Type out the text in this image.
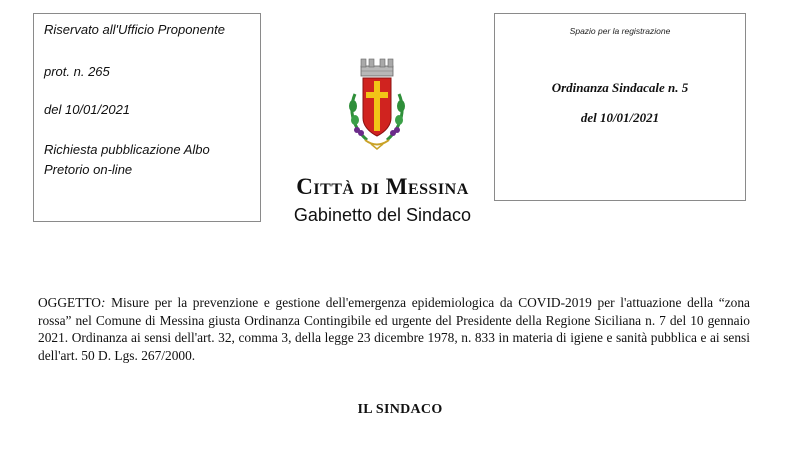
Riservato all'Ufficio Proponente
prot. n. 265
del 10/01/2021
Richiesta pubblicazione Albo
Pretorio on-line
Città di Messina
Gabinetto del Sindaco
Spazio per la registrazione
Ordinanza Sindacale n. 5
del 10/01/2021
OGGETTO: Misure per la prevenzione e gestione dell'emergenza epidemiologica da COVID-2019 per l'attuazione della “zona rossa” nel Comune di Messina giusta Ordinanza Contingibile ed urgente del Presidente della Regione Siciliana n. 7 del 10 gennaio 2021. Ordinanza ai sensi dell'art. 32, comma 3, della legge 23 dicembre 1978, n. 833 in materia di igiene e sanità pubblica e ai sensi dell'art. 50 D. Lgs. 267/2000.
IL SINDACO
